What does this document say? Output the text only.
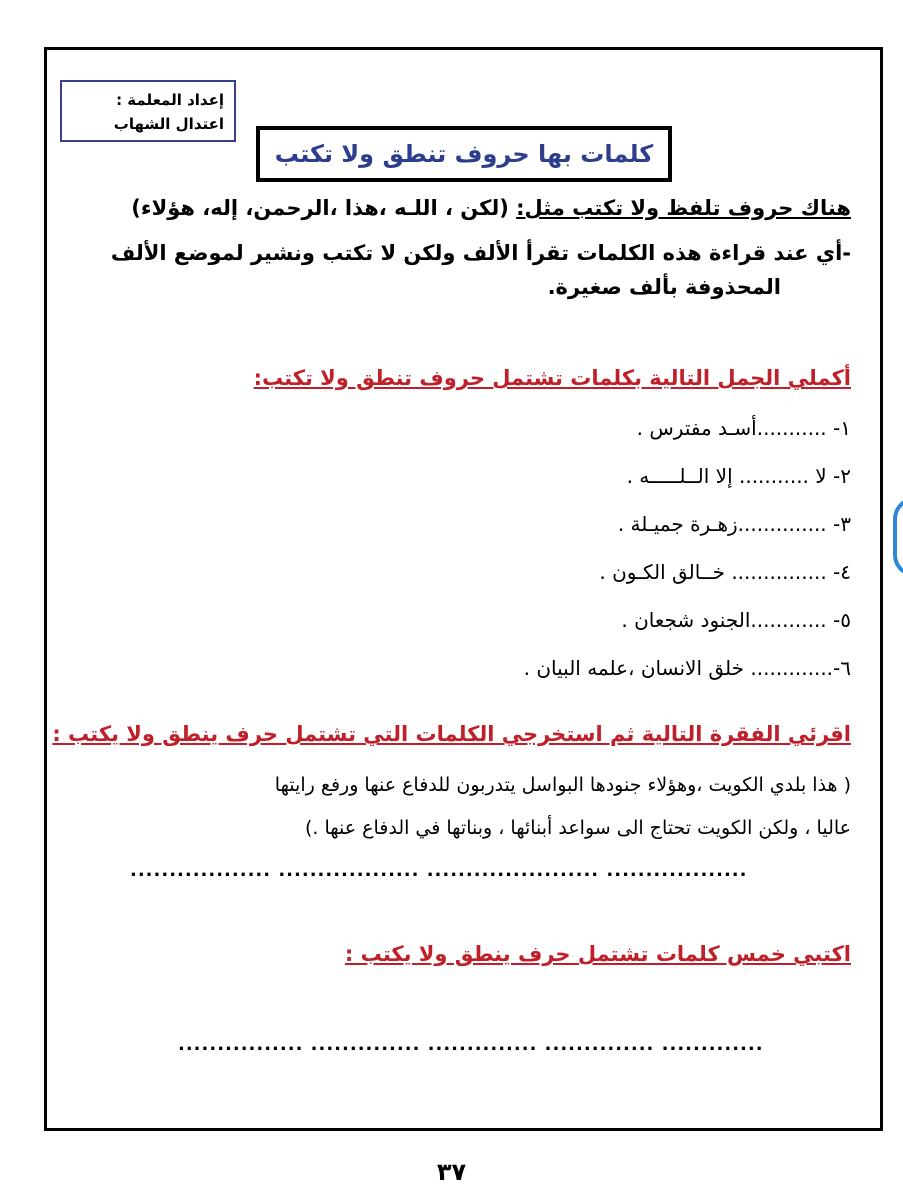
إعداد المعلمة :
اعتدال الشهاب
كلمات بها حروف تنطق ولا تكتب
هناك حروف تلفظ ولا تكتب مثل: (لكن ، اللـه ،هذا ،الرحمن، إله، هؤلاء)
-أي عند قراءة هذه الكلمات تقرأ الألف ولكن لا تكتب ونشير لموضع الألف
المحذوفة بألف صغيرة.
أكملي الجمل التالية بكلمات تشتمل حروف تنطق ولا تكتب:
١- ...........أسـد مفترس .
٢- لا ........... إلا الــلـــــه .
٣- ..............زهـرة جميـلة .
٤- ............... خــالق الكـون .
٥- ............الجنود شجعان .
٦-............. خلق الانسان ،علمه البيان .
اقرئي الفقرة التالية ثم استخرجي الكلمات التي تشتمل حرف ينطق ولا يكتب :
( هذا بلدي الكويت ،وهؤلاء جنودها البواسل يتدربون للدفاع عنها ورفع رايتها
عاليا ، ولكن الكويت تحتاج الى سواعد أبنائها ، وبناتها في الدفاع عنها .)
.................. .................. ...................... ..................
اكتبي خمس كلمات تشتمل حرف ينطق ولا يكتب :
................ .............. .............. .............. .............
٣٧
